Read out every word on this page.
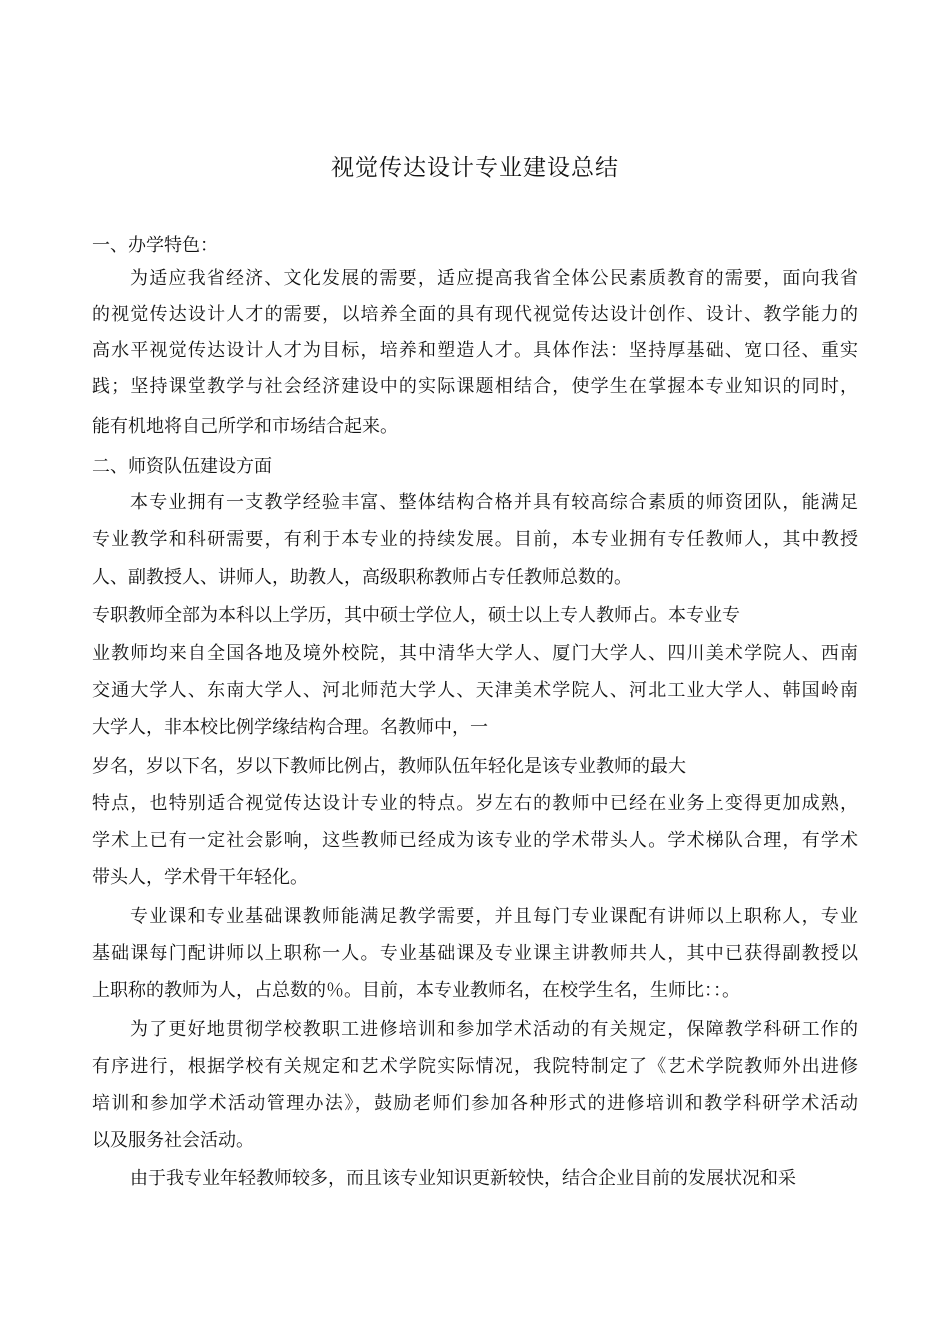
视觉传达设计专业建设总结
一、办学特色：
为适应我省经济、文化发展的需要，适应提高我省全体公民素质教育的需要，面向我省
的视觉传达设计人才的需要，以培养全面的具有现代视觉传达设计创作、设计、教学能力的
高水平视觉传达设计人才为目标，培养和塑造人才。具体作法：坚持厚基础、宽口径、重实
践；坚持课堂教学与社会经济建设中的实际课题相结合，使学生在掌握本专业知识的同时，
能有机地将自己所学和市场结合起来。
二、师资队伍建设方面
本专业拥有一支教学经验丰富、整体结构合格并具有较高综合素质的师资团队，能满足
专业教学和科研需要，有利于本专业的持续发展。目前，本专业拥有专任教师人，其中教授
人、副教授人、讲师人，助教人，高级职称教师占专任教师总数的。
专职教师全部为本科以上学历，其中硕士学位人，硕士以上专人教师占。本专业专
业教师均来自全国各地及境外校院，其中清华大学人、厦门大学人、四川美术学院人、西南
交通大学人、东南大学人、河北师范大学人、天津美术学院人、河北工业大学人、韩国岭南
大学人，非本校比例学缘结构合理。名教师中，一
岁名，岁以下名，岁以下教师比例占，教师队伍年轻化是该专业教师的最大
特点，也特别适合视觉传达设计专业的特点。岁左右的教师中已经在业务上变得更加成熟，
学术上已有一定社会影响，这些教师已经成为该专业的学术带头人。学术梯队合理，有学术
带头人，学术骨干年轻化。
专业课和专业基础课教师能满足教学需要，并且每门专业课配有讲师以上职称人，专业
基础课每门配讲师以上职称一人。专业基础课及专业课主讲教师共人，其中已获得副教授以
上职称的教师为人，占总数的％。目前，本专业教师名，在校学生名，生师比：：。
为了更好地贯彻学校教职工进修培训和参加学术活动的有关规定，保障教学科研工作的
有序进行，根据学校有关规定和艺术学院实际情况，我院特制定了《艺术学院教师外出进修
培训和参加学术活动管理办法》，鼓励老师们参加各种形式的进修培训和教学科研学术活动
以及服务社会活动。
由于我专业年轻教师较多，而且该专业知识更新较快，结合企业目前的发展状况和采
